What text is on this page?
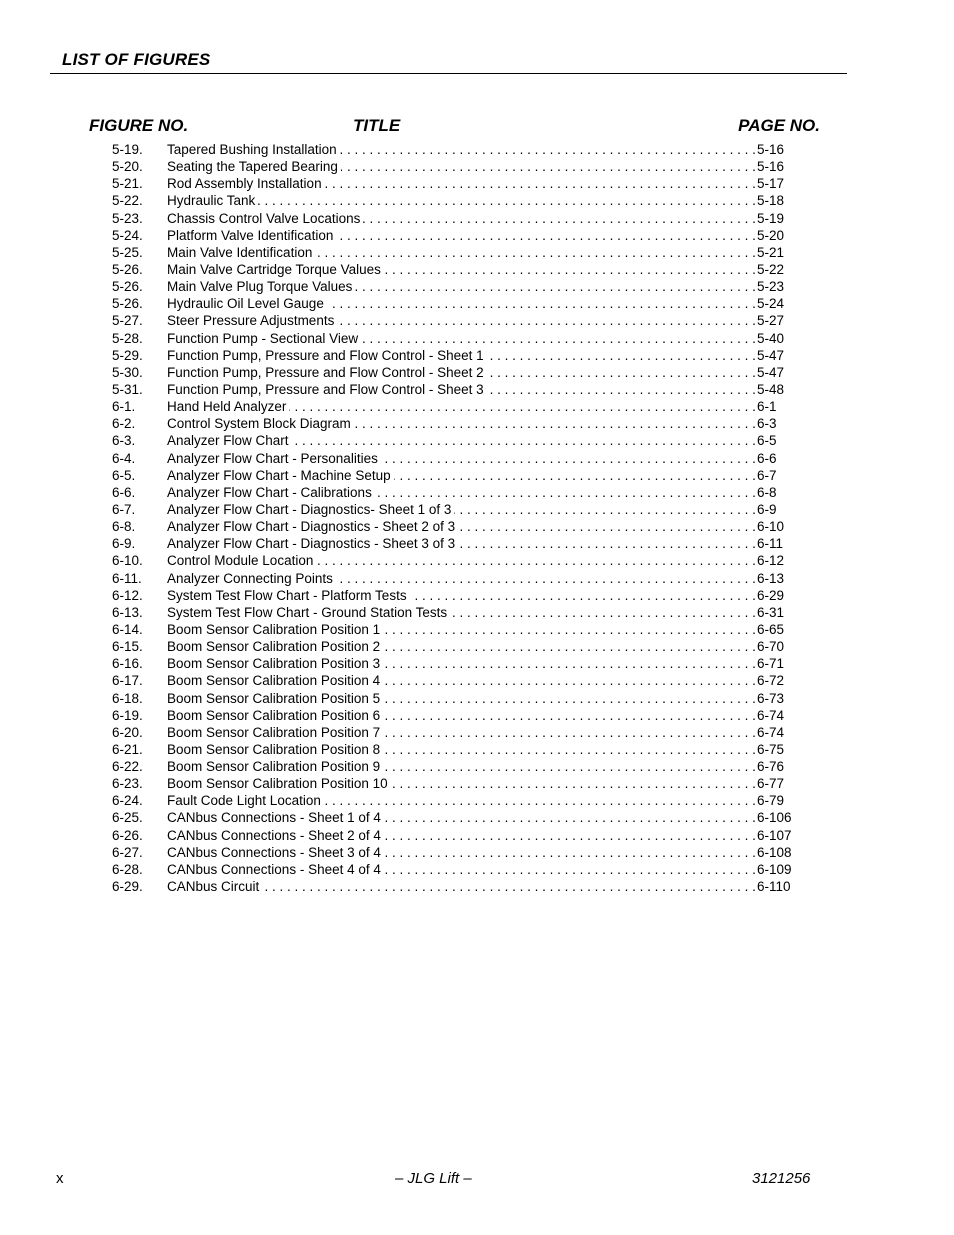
LIST OF FIGURES
FIGURE NO.	TITLE	PAGE NO.
5-19. Tapered Bushing Installation . . .	5-16
5-20. Seating the Tapered Bearing . . .	5-16
5-21. Rod Assembly Installation . . .	5-17
5-22. Hydraulic Tank . . .	5-18
5-23. Chassis Control Valve Locations . . .	5-19
5-24. Platform Valve Identification . . .	5-20
5-25. Main Valve Identification . . .	5-21
5-26. Main Valve Cartridge Torque Values . . .	5-22
5-26. Main Valve Plug Torque Values . . .	5-23
5-26. Hydraulic Oil Level Gauge . . .	5-24
5-27. Steer Pressure Adjustments . . .	5-27
5-28. Function Pump - Sectional View . . .	5-40
5-29. Function Pump, Pressure and Flow Control - Sheet 1 . . .	5-47
5-30. Function Pump, Pressure and Flow Control - Sheet 2 . . .	5-47
5-31. Function Pump, Pressure and Flow Control - Sheet 3 . . .	5-48
6-1. Hand Held Analyzer . . .	6-1
6-2. Control System Block Diagram . . .	6-3
6-3. Analyzer Flow Chart . . .	6-5
6-4. Analyzer Flow Chart - Personalities . . .	6-6
6-5. Analyzer Flow Chart - Machine Setup . . .	6-7
6-6. Analyzer Flow Chart - Calibrations . . .	6-8
6-7. Analyzer Flow Chart - Diagnostics- Sheet 1 of 3 . . .	6-9
6-8. Analyzer Flow Chart - Diagnostics - Sheet 2 of 3 . . .	6-10
6-9. Analyzer Flow Chart - Diagnostics - Sheet 3 of 3 . . .	6-11
6-10. Control Module Location . . .	6-12
6-11. Analyzer Connecting Points . . .	6-13
6-12. System Test Flow Chart - Platform Tests . . .	6-29
6-13. System Test Flow Chart - Ground Station Tests . . .	6-31
6-14. Boom Sensor Calibration Position 1 . . .	6-65
6-15. Boom Sensor Calibration Position 2 . . .	6-70
6-16. Boom Sensor Calibration Position 3 . . .	6-71
6-17. Boom Sensor Calibration Position 4 . . .	6-72
6-18. Boom Sensor Calibration Position 5 . . .	6-73
6-19. Boom Sensor Calibration Position 6 . . .	6-74
6-20. Boom Sensor Calibration Position 7 . . .	6-74
6-21. Boom Sensor Calibration Position 8 . . .	6-75
6-22. Boom Sensor Calibration Position 9 . . .	6-76
6-23. Boom Sensor Calibration Position 10 . . .	6-77
6-24. Fault Code Light Location . . .	6-79
6-25. CANbus Connections - Sheet 1 of 4 . . .	6-106
6-26. CANbus Connections - Sheet 2 of 4 . . .	6-107
6-27. CANbus Connections - Sheet 3 of 4 . . .	6-108
6-28. CANbus Connections - Sheet 4 of 4 . . .	6-109
6-29. CANbus Circuit . . .	6-110
x	– JLG Lift –	3121256
